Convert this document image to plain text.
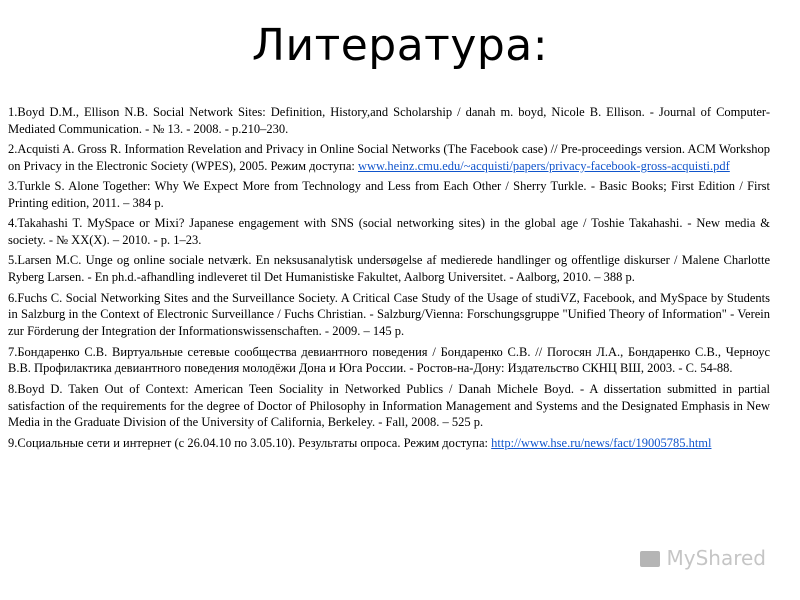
Литература:

1.Boyd D.M., Ellison N.B. Social Network Sites: Definition, History,and Scholarship / danah m. boyd, Nicole B. Ellison. - Journal of Computer-Mediated Communication. - № 13. - 2008. - p.210–230.

2.Acquisti A. Gross R. Information Revelation and Privacy in Online Social Networks (The Facebook case) // Pre-proceedings version. ACM Workshop on Privacy in the Electronic Society (WPES), 2005. Режим доступа: www.heinz.cmu.edu/~acquisti/papers/privacy-facebook-gross-acquisti.pdf

3.Turkle S. Alone Together: Why We Expect More from Technology and Less from Each Other / Sherry Turkle. - Basic Books; First Edition / First Printing edition, 2011. – 384 p.

4.Takahashi T. MySpace or Mixi? Japanese engagement with SNS (social networking sites) in the global age / Toshie Takahashi. - New media & society. - № XX(X). – 2010. - p. 1–23.

5.Larsen M.C. Unge og online sociale netværk. En neksusanalytisk undersøgelse af medierede handlinger og offentlige diskurser / Malene Charlotte Ryberg Larsen. - En ph.d.-afhandling indleveret til Det Humanistiske Fakultet, Aalborg Universitet. - Aalborg, 2010. – 388 p.

6.Fuchs C. Social Networking Sites and the Surveillance Society. A Critical Case Study of the Usage of studiVZ, Facebook, and MySpace by Students in Salzburg in the Context of Electronic Surveillance / Fuchs Christian. - Salzburg/Vienna: Forschungsgruppe "Unified Theory of Information" - Verein zur Förderung der Integration der Informationswissenschaften. - 2009. – 145 p.

7.Бондаренко С.В. Виртуальные сетевые сообщества девиантного поведения / Бондаренко С.В. // Погосян Л.А., Бондаренко С.В., Черноус В.В. Профилактика девиантного поведения молодёжи Дона и Юга России. - Ростов-на-Дону: Издательство СКНЦ ВШ, 2003. - С. 54-88.

8.Boyd D. Taken Out of Context: American Teen Sociality in Networked Publics / Danah Michele Boyd. - A dissertation submitted in partial satisfaction of the requirements for the degree of Doctor of Philosophy in Information Management and Systems and the Designated Emphasis in New Media in the Graduate Division of the University of California, Berkeley. - Fall, 2008. – 525 p.

9.Социальные сети и интернет (с 26.04.10 по 3.05.10). Результаты опроса. Режим доступа: http://www.hse.ru/news/fact/19005785.html

MyShared
